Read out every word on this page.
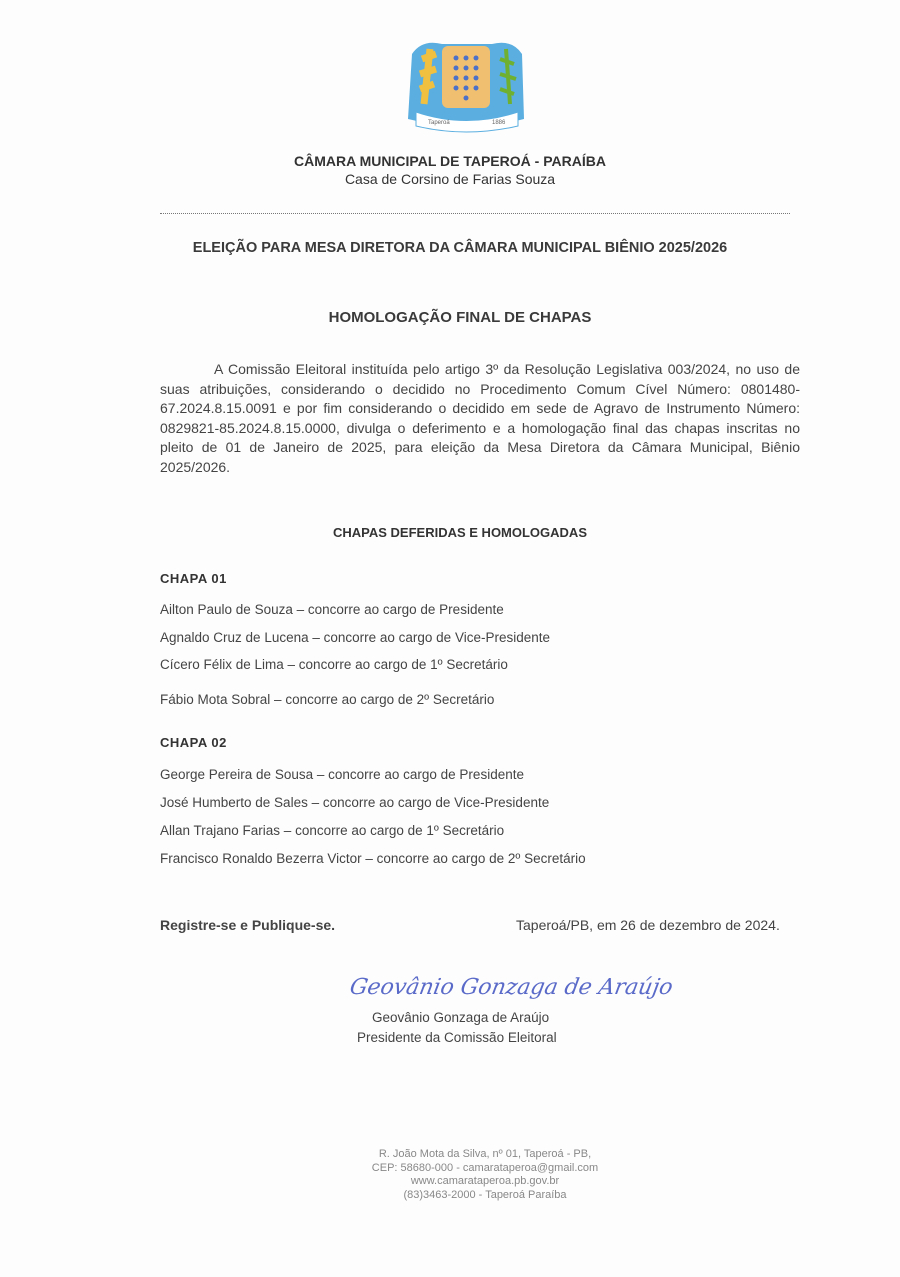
Taperoá	1886
CÂMARA MUNICIPAL DE TAPEROÁ - PARAÍBA
Casa de Corsino de Farias Souza
ELEIÇÃO PARA MESA DIRETORA DA CÂMARA MUNICIPAL BIÊNIO 2025/2026
HOMOLOGAÇÃO FINAL DE CHAPAS
A Comissão Eleitoral instituída pelo artigo 3º da Resolução Legislativa 003/2024, no uso de suas atribuições, considerando o decidido no Procedimento Comum Cível Número: 0801480-67.2024.8.15.0091 e por fim considerando o decidido em sede de Agravo de Instrumento Número: 0829821-85.2024.8.15.0000, divulga o deferimento e a homologação final das chapas inscritas no pleito de 01 de Janeiro de 2025, para eleição da Mesa Diretora da Câmara Municipal, Biênio 2025/2026.
CHAPAS DEFERIDAS E HOMOLOGADAS
CHAPA 01
Ailton Paulo de Souza – concorre ao cargo de Presidente
Agnaldo Cruz de Lucena – concorre ao cargo de Vice-Presidente
Cícero Félix de Lima – concorre ao cargo de 1º Secretário
Fábio Mota Sobral – concorre ao cargo de 2º Secretário
CHAPA 02
George Pereira de Sousa – concorre ao cargo de Presidente
José Humberto de Sales – concorre ao cargo de Vice-Presidente
Allan Trajano Farias – concorre ao cargo de 1º Secretário
Francisco Ronaldo Bezerra Victor – concorre ao cargo de 2º Secretário
Registre-se e Publique-se.	Taperoá/PB, em 26 de dezembro de 2024.
Geovânio Gonzaga de Araújo
Geovânio Gonzaga de Araújo
Presidente da Comissão Eleitoral
R. João Mota da Silva, nº 01, Taperoá - PB,
CEP: 58680-000 - camarataperoa@gmail.com
www.camarataperoa.pb.gov.br
(83)3463-2000 - Taperoá Paraíba
